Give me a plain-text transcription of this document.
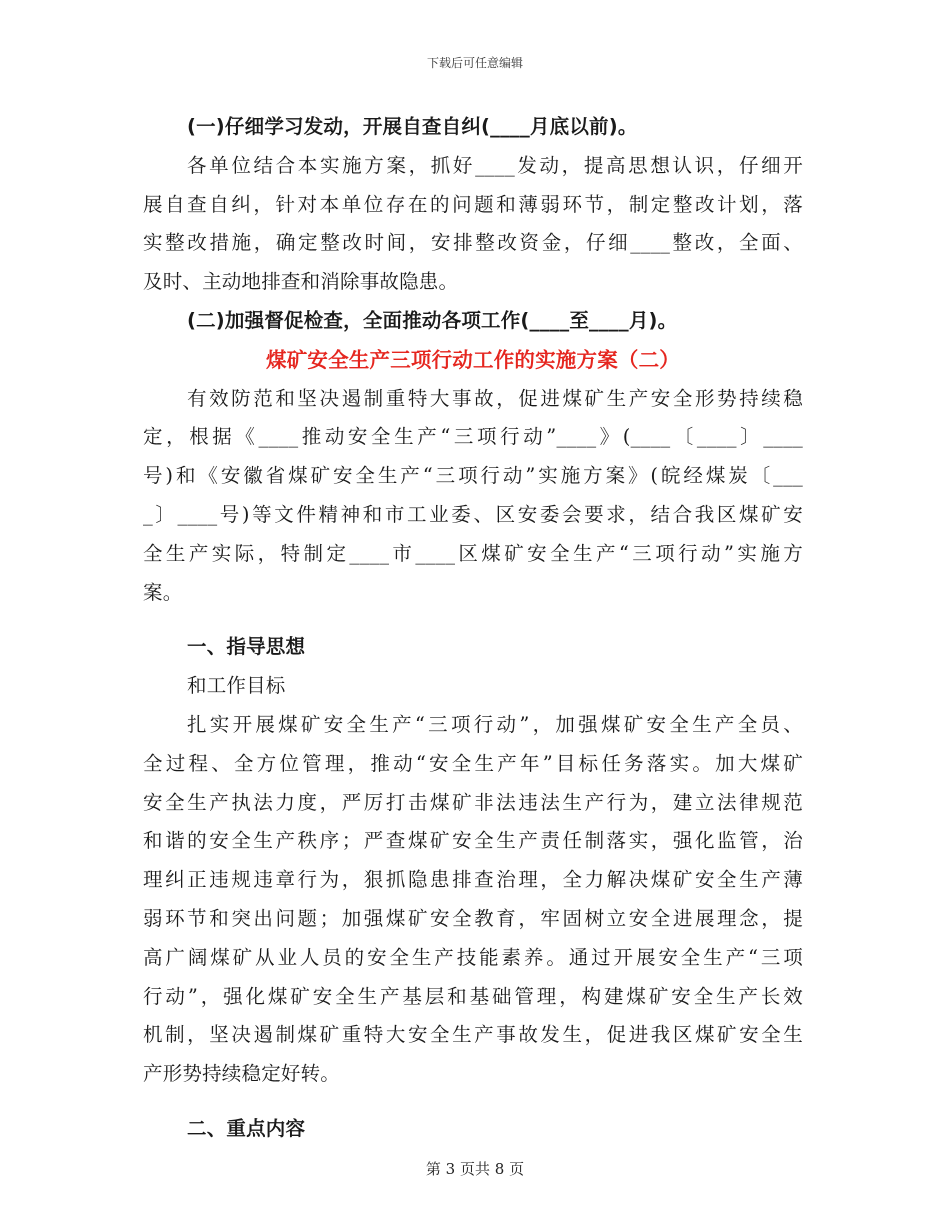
下载后可任意编辑
(一)仔细学习发动，开展自查自纠(____月底以前)。
各单位结合本实施方案，抓好____发动，提高思想认识，仔细开
展自查自纠，针对本单位存在的问题和薄弱环节，制定整改计划，落
实整改措施，确定整改时间，安排整改资金，仔细____整改，全面、
及时、主动地排查和消除事故隐患。
(二)加强督促检查，全面推动各项工作(____至____月)。
煤矿安全生产三项行动工作的实施方案（二）
有效防范和坚决遏制重特大事故，促进煤矿生产安全形势持续稳
定，根据《____推动安全生产“三项行动”____》(____〔____〕____
号)和《安徽省煤矿安全生产“三项行动”实施方案》(皖经煤炭〔___
_〕____号)等文件精神和市工业委、区安委会要求，结合我区煤矿安
全生产实际，特制定____市____区煤矿安全生产“三项行动”实施方
案。
一、指导思想
和工作目标
扎实开展煤矿安全生产“三项行动”，加强煤矿安全生产全员、
全过程、全方位管理，推动“安全生产年”目标任务落实。加大煤矿
安全生产执法力度，严厉打击煤矿非法违法生产行为，建立法律规范
和谐的安全生产秩序；严查煤矿安全生产责任制落实，强化监管，治
理纠正违规违章行为，狠抓隐患排查治理，全力解决煤矿安全生产薄
弱环节和突出问题；加强煤矿安全教育，牢固树立安全进展理念，提
高广阔煤矿从业人员的安全生产技能素养。通过开展安全生产“三项
行动”，强化煤矿安全生产基层和基础管理，构建煤矿安全生产长效
机制，坚决遏制煤矿重特大安全生产事故发生，促进我区煤矿安全生
产形势持续稳定好转。
二、重点内容
第 3 页共 8 页
